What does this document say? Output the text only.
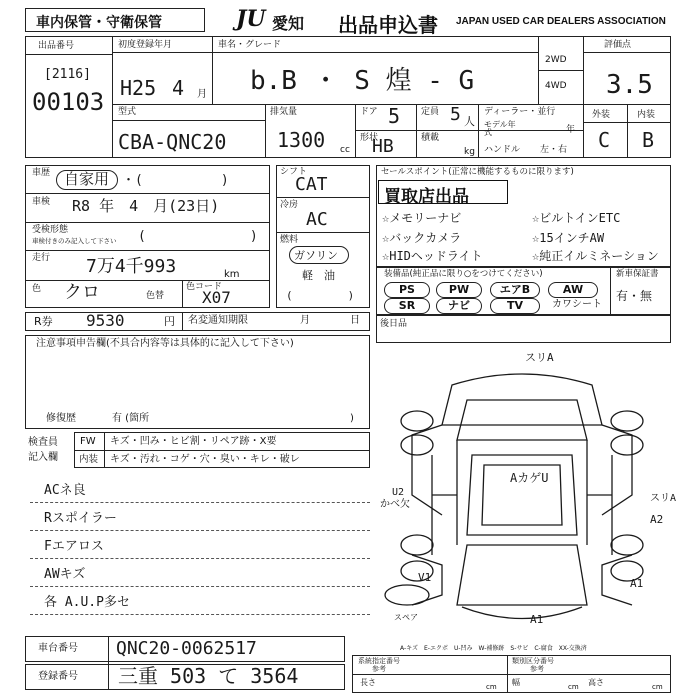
車内保管・守衛保管	JU 愛知 出品申込書 JAPAN USED CAR DEALERS ASSOCIATION
出品番号
[2116]
00103
初度登録年月
H25 4 月
車名・グレード
b.B ・ S 煌 - G
2WD
4WD
評価点
3.5
型式
CBA-QNC20
排気量
1300 cc
ドア 5
形状
HB
定員 5 人
積載
kg
ディーラー・並行
モデル年式	年
ハンドル 左・右
外装	内装
C B
車歴 自家用 ・(　　　　　　)
車検 R8 年　4　月(23日)
受検形態
車検付きのみ記入して下さい (　　　　　　　　)
走行 7万4千993	km
色 クロ	色替
色コード
X07
シフト
CAT
冷房
AC
燃料
ガソリン
軽　油
(　　　　　)
セールスポイント(正常に機能するものに限ります)
買取店出品
☆メモリーナビ	☆ビルトインETC
☆バックカメラ	☆15インチAW
☆HIDヘッドライト	☆純正イルミネーション
装備品(純正品に限り○をつけてください)
PS	PW	エアB	AW
SR	ナビ	TV	カワシート
新車保証書
有・無
後日品
R券 9530	円 名変通知期限	月	日
注意事項申告欄(不具合内容等は具体的に記入して下さい)
修復歴	有 (箇所	)
検査員
記入欄
FW キズ・凹み・ヒビ割・リペア跡・X要
内装 キズ・汚れ・コゲ・穴・臭い・キレ・破レ
ACネ良
Rスポイラー
Fエアロス
AWキズ
各 A.U.P多セ
スリA
AカゲU
U2
かべ欠
スリA
A2
A1
V1
A1
スペア
A-キズ　E-エクボ　U-凹み　W-補修跡　S-サビ　C-腐食　XX-交換済
車台番号 QNC20-0062517
登録番号 三重 503 て 3564
系統指定番号
参考
類別区分番号
参考
長さ	cm 幅	cm 高さ	cm
